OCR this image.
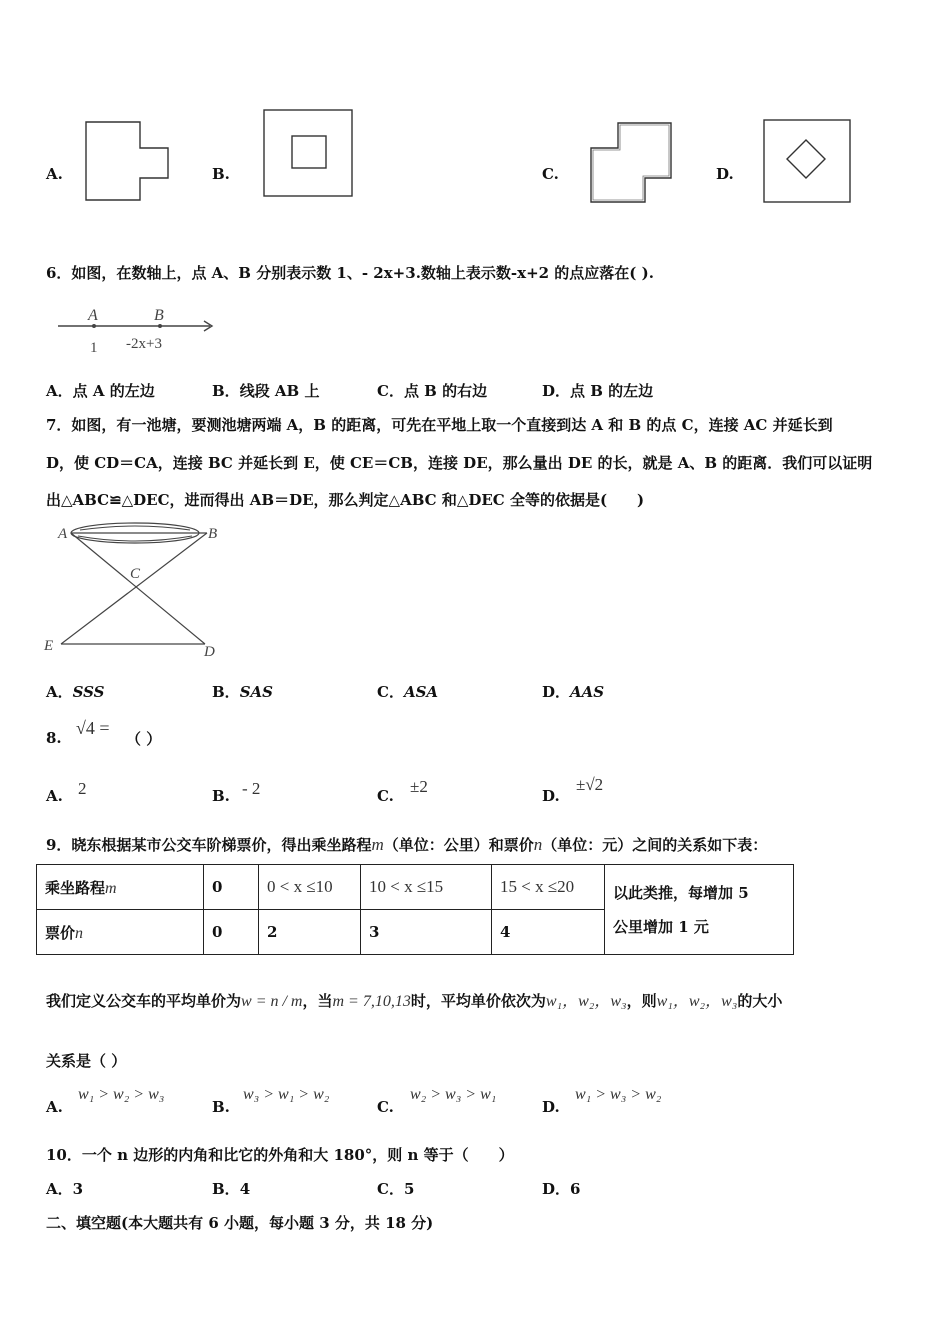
A.	B.	C.	D.
6．如图，在数轴上，点 A、B 分别表示数 1、- 2x+3.数轴上表示数-x+2 的点应落在( ).
A	B
1 -2x+3
A．点 A 的左边	B．线段 AB 上	C．点 B 的右边	D．点 B 的左边
7．如图，有一池塘，要测池塘两端 A，B 的距离，可先在平地上取一个直接到达 A 和 B 的点 C，连接 AC 并延长到
D，使 CD＝CA，连接 BC 并延长到 E，使 CE＝CB，连接 DE，那么量出 DE 的长，就是 A、B 的距离．我们可以证明
出△ABC≌△DEC，进而得出 AB＝DE，那么判定△ABC 和△DEC 全等的依据是(　　)
A	B
C
E	D
A．SSS	B．SAS	C．ASA	D．AAS
8. √4 =
（ ）
A. 2	B. - 2	C. ±2	D.
±√2
9．晓东根据某市公交车阶梯票价，得出乘坐路程m（单位：公里）和票价n（单位：元）之间的关系如下表：
乘坐路程m	0	0 < x ≤10	10 < x ≤15	15 < x ≤20	以此类推，每增加 5
公里增加 1 元
票价n	0	2	3	4	
我们定义公交车的平均单价为w = n / m，当m = 7,10,13时，平均单价依次为w₁，w₂，w₃，则w₁，w₂，w₃的大小
关系是（ ）
A.
w₁ > w₂ > w₃
B.
w₃ > w₁ > w₂
C.
w₂ > w₃ > w₁
D.
w₁ > w₃ > w₂
10．一个 n 边形的内角和比它的外角和大 180°，则 n 等于（　　）
A．3	B．4	C．5	D．6
二、填空题(本大题共有 6 小题，每小题 3 分，共 18 分)
